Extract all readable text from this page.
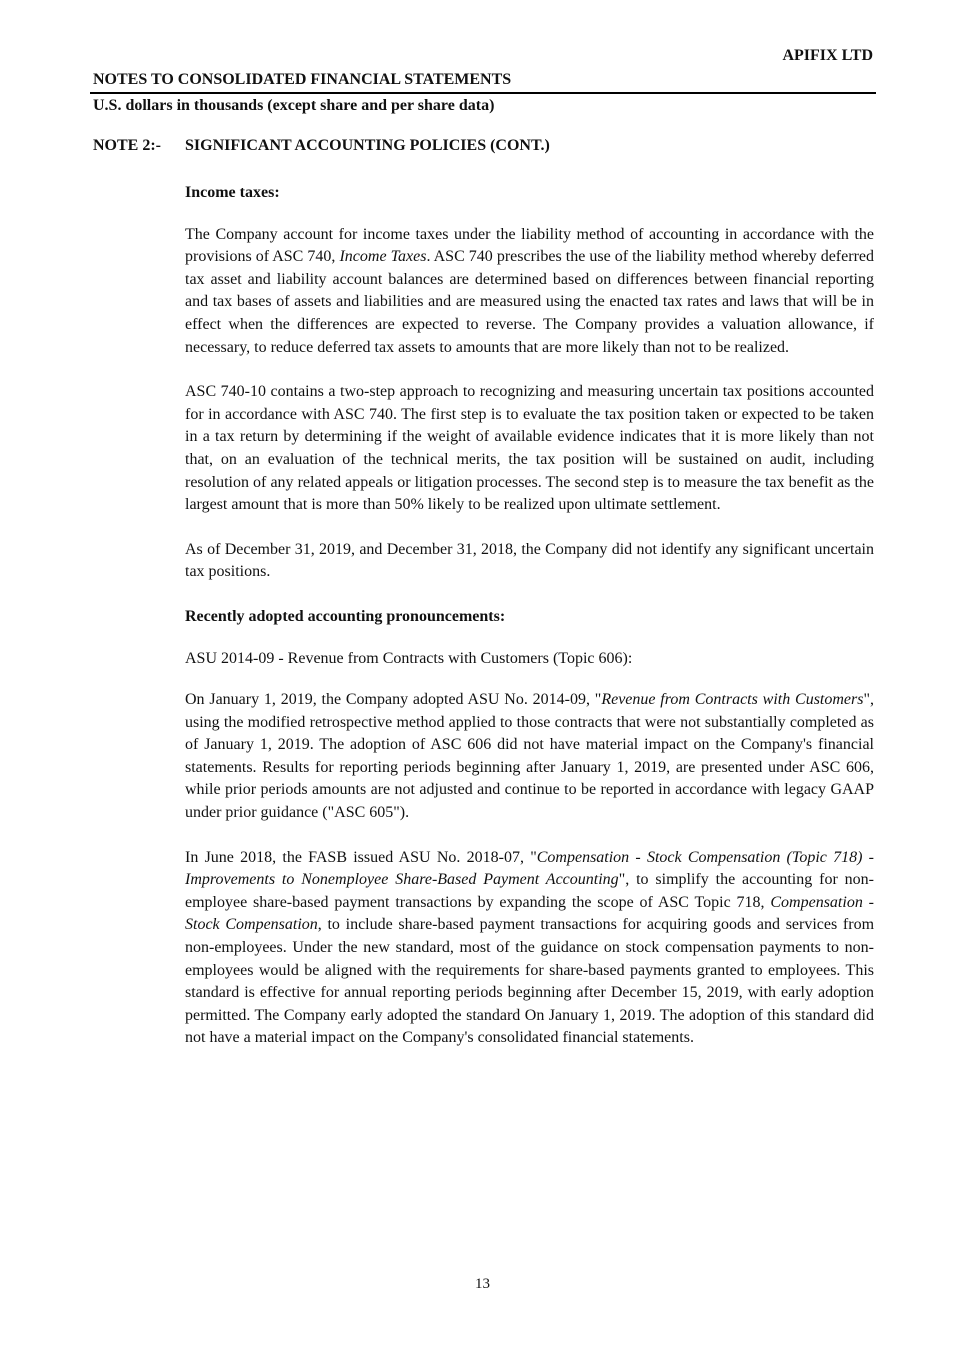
APIFIX LTD
NOTES TO CONSOLIDATED FINANCIAL STATEMENTS
U.S. dollars in thousands (except share and per share data)
NOTE 2:- SIGNIFICANT ACCOUNTING POLICIES (CONT.)

Income taxes:

The Company account for income taxes under the liability method of accounting in accordance with the provisions of ASC 740, Income Taxes. ASC 740 prescribes the use of the liability method whereby deferred tax asset and liability account balances are determined based on differences between financial reporting and tax bases of assets and liabilities and are measured using the enacted tax rates and laws that will be in effect when the differences are expected to reverse. The Company provides a valuation allowance, if necessary, to reduce deferred tax assets to amounts that are more likely than not to be realized.

ASC 740-10 contains a two-step approach to recognizing and measuring uncertain tax positions accounted for in accordance with ASC 740. The first step is to evaluate the tax position taken or expected to be taken in a tax return by determining if the weight of available evidence indicates that it is more likely than not that, on an evaluation of the technical merits, the tax position will be sustained on audit, including resolution of any related appeals or litigation processes. The second step is to measure the tax benefit as the largest amount that is more than 50% likely to be realized upon ultimate settlement.

As of December 31, 2019, and December 31, 2018, the Company did not identify any significant uncertain tax positions.

Recently adopted accounting pronouncements:

ASU 2014-09 - Revenue from Contracts with Customers (Topic 606):

On January 1, 2019, the Company adopted ASU No. 2014-09, "Revenue from Contracts with Customers", using the modified retrospective method applied to those contracts that were not substantially completed as of January 1, 2019. The adoption of ASC 606 did not have material impact on the Company's financial statements. Results for reporting periods beginning after January 1, 2019, are presented under ASC 606, while prior periods amounts are not adjusted and continue to be reported in accordance with legacy GAAP under prior guidance ("ASC 605").

In June 2018, the FASB issued ASU No. 2018-07, "Compensation - Stock Compensation (Topic 718) - Improvements to Nonemployee Share-Based Payment Accounting", to simplify the accounting for non-employee share-based payment transactions by expanding the scope of ASC Topic 718, Compensation - Stock Compensation, to include share-based payment transactions for acquiring goods and services from non-employees. Under the new standard, most of the guidance on stock compensation payments to non-employees would be aligned with the requirements for share-based payments granted to employees. This standard is effective for annual reporting periods beginning after December 15, 2019, with early adoption permitted. The Company early adopted the standard On January 1, 2019. The adoption of this standard did not have a material impact on the Company's consolidated financial statements.

13
